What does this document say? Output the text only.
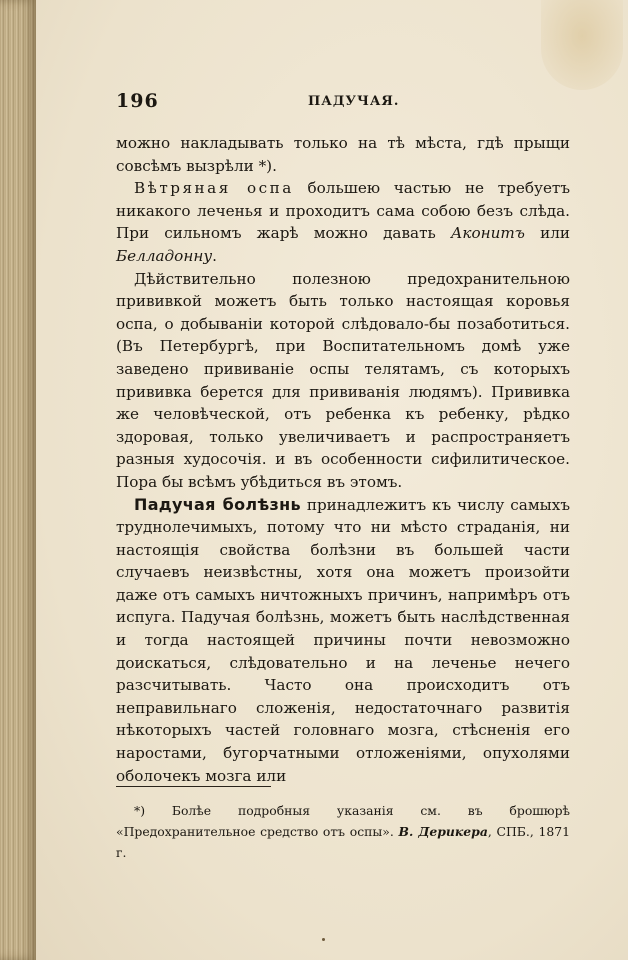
196	ПАДУЧАЯ.

можно накладывать только на тѣ мѣста, гдѣ прыщи совсѣмъ вызрѣли *).

Вѣтряная оспа большею частью не требуетъ никакого леченья и проходитъ сама собою безъ слѣда. При сильномъ жарѣ можно давать Аконитъ или Белладонну.

Дѣйствительно полезною предохранительною прививкой можетъ быть только настоящая коровья оспа, о добываніи которой слѣдовало-бы позаботиться. (Въ Петербургѣ, при Воспитательномъ домѣ уже заведено прививаніе оспы телятамъ, съ которыхъ прививка берется для прививанія людямъ). Прививка же человѣческой, отъ ребенка къ ребенку, рѣдко здоровая, только увеличиваетъ и распространяетъ разныя худосочія. и въ особенности сифилитическое. Пора бы всѣмъ убѣдиться въ этомъ.

Падучая болѣзнь принадлежитъ къ числу самыхъ труднолечимыхъ, потому что ни мѣсто страданія, ни настоящія свойства болѣзни въ большей части случаевъ неизвѣстны, хотя она можетъ произойти даже отъ самыхъ ничтожныхъ причинъ, напримѣръ отъ испуга. Падучая болѣзнь, можетъ быть наслѣдственная и тогда настоящей причины почти невозможно доискаться, слѣдовательно и на леченье нечего разсчитывать. Часто она происходитъ отъ неправильнаго сложенія, недостаточнаго развитія нѣкоторыхъ частей головнаго мозга, стѣсненія его наростами, бугорчатными отложеніями, опухолями оболочекъ мозга или

*) Болѣе подробныя указанія см. въ брошюрѣ «Предохранительное средство отъ оспы». В. Дерикера, СПБ., 1871 г.
